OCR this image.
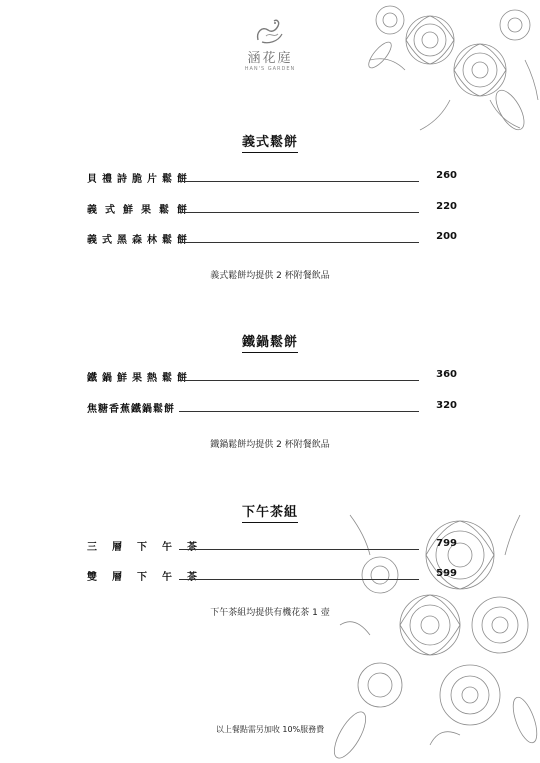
涵花庭
HAN'S GARDEN
義式鬆餅
貝禮詩脆片鬆餅	260
義式鮮果鬆餅	220
義式黑森林鬆餅	200
義式鬆餅均提供 2 杯附餐飲品
鐵鍋鬆餅
鐵鍋鮮果熱鬆餅	360
焦糖香蕉鐵鍋鬆餅	320
鐵鍋鬆餅均提供 2 杯附餐飲品
下午茶組
三層下午茶	799
雙層下午茶	599
下午茶組均提供有機花茶 1 壺
以上餐點需另加收 10%服務費
